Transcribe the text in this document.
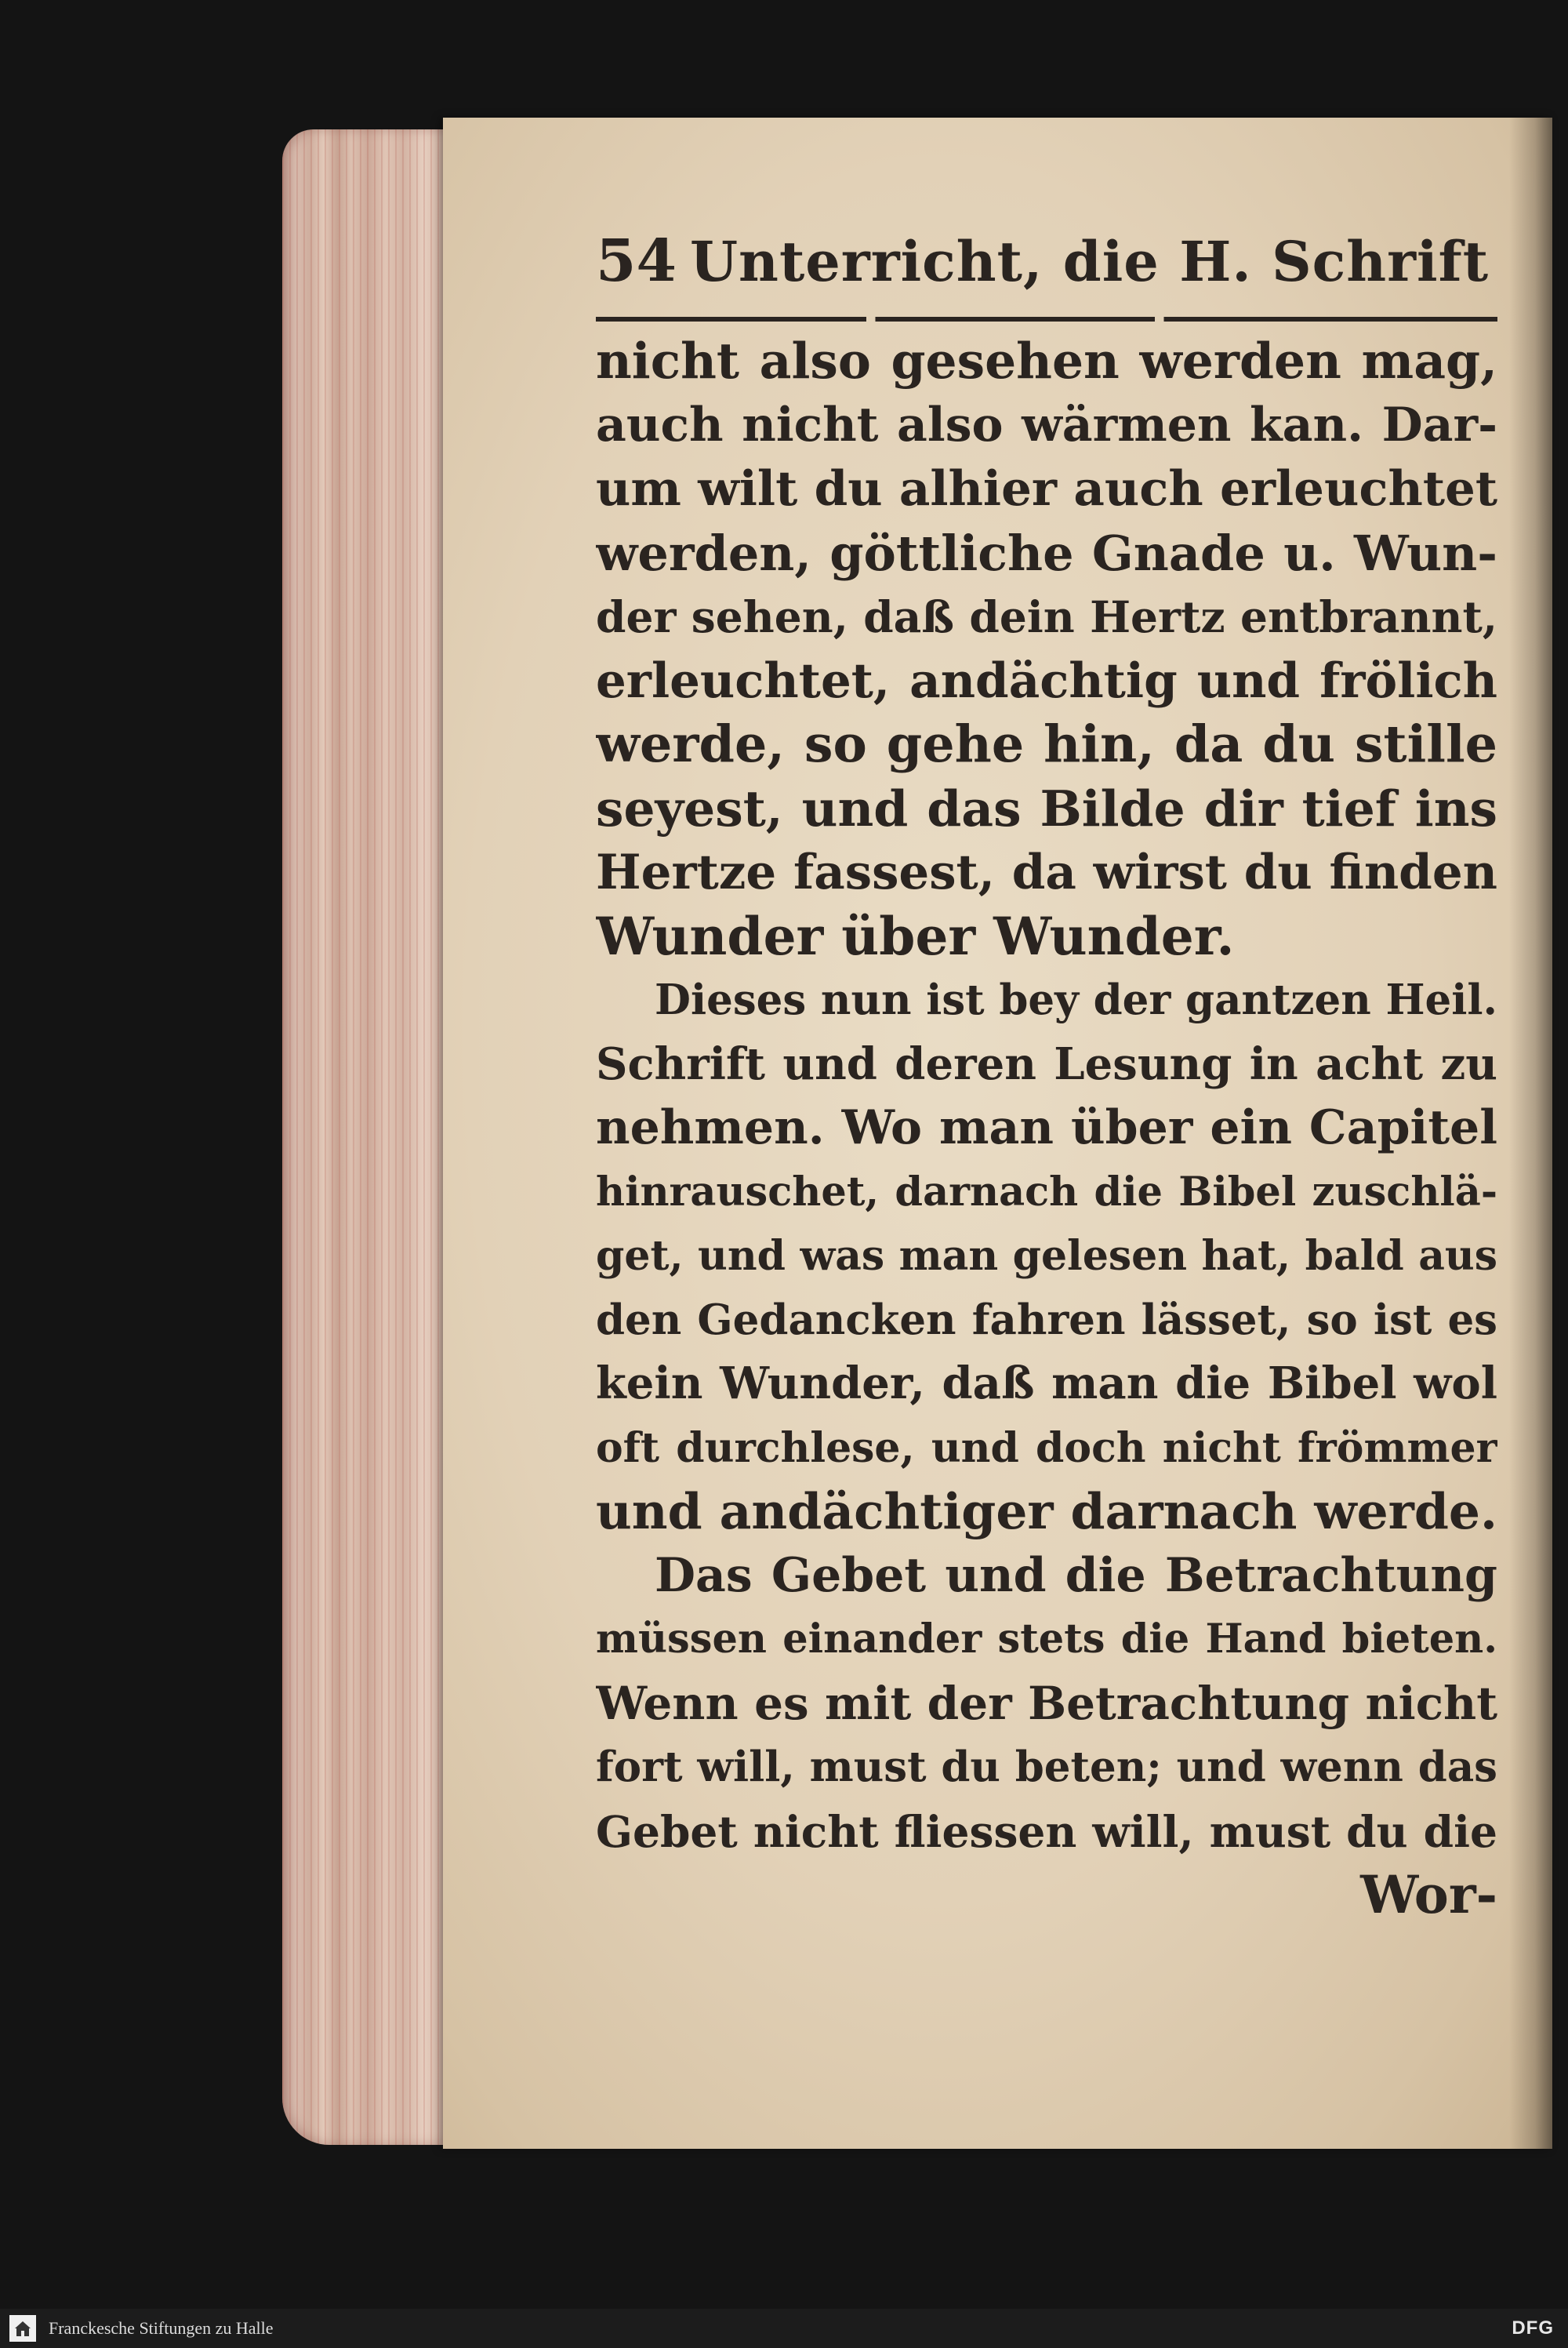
54 Unterricht, die H. Schrift
nicht also gesehen werden mag,
auch nicht also wärmen kan. Dar-
um wilt du alhier auch erleuchtet
werden, göttliche Gnade u. Wun-
der sehen, daß dein Hertz entbrannt,
erleuchtet, andächtig und frölich
werde, so gehe hin, da du stille
seyest, und das Bilde dir tief ins
Hertze fassest, da wirst du finden
Wunder über Wunder.
Dieses nun ist bey der gantzen Heil.
Schrift und deren Lesung in acht zu
nehmen. Wo man über ein Capitel
hinrauschet, darnach die Bibel zuschlä-
get, und was man gelesen hat, bald aus
den Gedancken fahren lässet, so ist es
kein Wunder, daß man die Bibel wol
oft durchlese, und doch nicht frömmer
und andächtiger darnach werde.
Das Gebet und die Betrachtung
müssen einander stets die Hand bieten.
Wenn es mit der Betrachtung nicht
fort will, must du beten; und wenn das
Gebet nicht fliessen will, must du die
Wor-
Franckesche Stiftungen zu Halle	DFG
